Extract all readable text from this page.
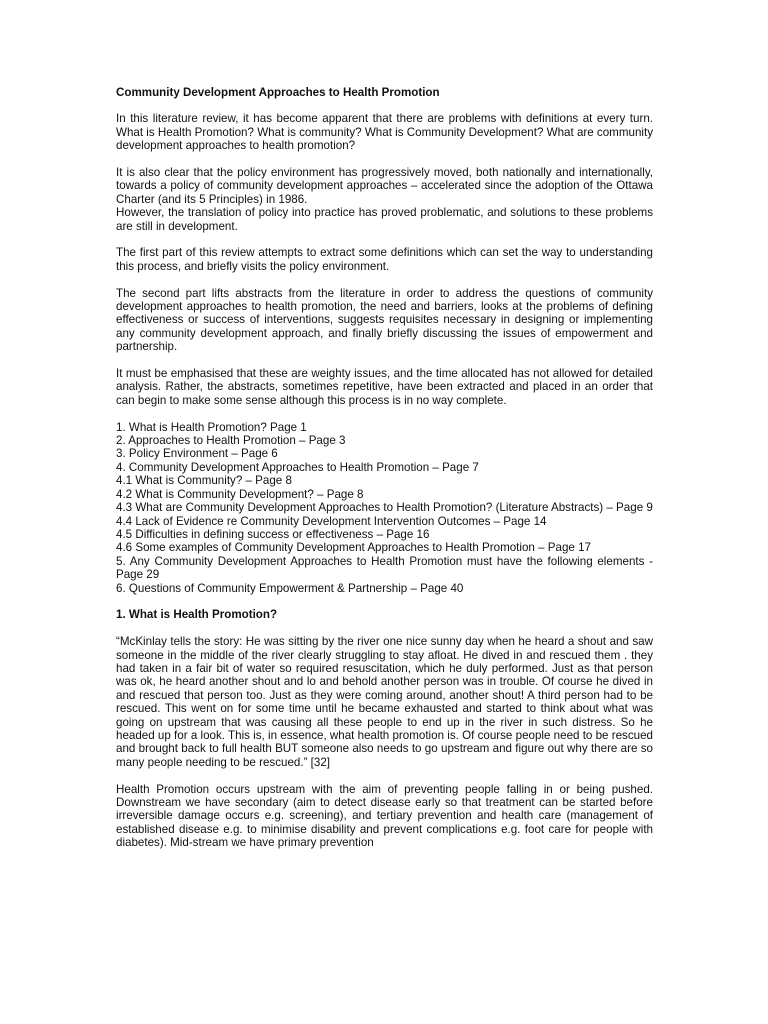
Community Development Approaches to Health Promotion

In this literature review, it has become apparent that there are problems with definitions at every turn. What is Health Promotion? What is community? What is Community Development? What are community development approaches to health promotion?

It is also clear that the policy environment has progressively moved, both nationally and internationally, towards a policy of community development approaches – accelerated since the adoption of the Ottawa Charter (and its 5 Principles) in 1986.

However, the translation of policy into practice has proved problematic, and solutions to these problems are still in development.

The first part of this review attempts to extract some definitions which can set the way to understanding this process, and briefly visits the policy environment.

The second part lifts abstracts from the literature in order to address the questions of community development approaches to health promotion, the need and barriers, looks at the problems of defining effectiveness or success of interventions, suggests requisites necessary in designing or implementing any community development approach, and finally briefly discussing the issues of empowerment and partnership.

It must be emphasised that these are weighty issues, and the time allocated has not allowed for detailed analysis. Rather, the abstracts, sometimes repetitive, have been extracted and placed in an order that can begin to make some sense although this process is in no way complete.

1. What is Health Promotion? Page 1
2. Approaches to Health Promotion – Page 3
3. Policy Environment – Page 6
4. Community Development Approaches to Health Promotion – Page 7
4.1 What is Community? – Page 8
4.2 What is Community Development? – Page 8
4.3 What are Community Development Approaches to Health Promotion? (Literature Abstracts) – Page 9
4.4 Lack of Evidence re Community Development Intervention Outcomes – Page 14
4.5 Difficulties in defining success or effectiveness – Page 16
4.6 Some examples of Community Development Approaches to Health Promotion – Page 17
5. Any Community Development Approaches to Health Promotion must have the following elements - Page 29
6. Questions of Community Empowerment & Partnership – Page 40
1. What is Health Promotion?

“McKinlay tells the story: He was sitting by the river one nice sunny day when he heard a shout and saw someone in the middle of the river clearly struggling to stay afloat. He dived in and rescued them . they had taken in a fair bit of water so required resuscitation, which he duly performed. Just as that person was ok, he heard another shout and lo and behold another person was in trouble. Of course he dived in and rescued that person too. Just as they were coming around, another shout! A third person had to be rescued. This went on for some time until he became exhausted and started to think about what was going on upstream that was causing all these people to end up in the river in such distress. So he headed up for a look. This is, in essence, what health promotion is. Of course people need to be rescued and brought back to full health BUT someone also needs to go upstream and figure out why there are so many people needing to be rescued.” [32]

Health Promotion occurs upstream with the aim of preventing people falling in or being pushed. Downstream we have secondary (aim to detect disease early so that treatment can be started before irreversible damage occurs e.g. screening), and tertiary prevention and health care (management of established disease e.g. to minimise disability and prevent complications e.g. foot care for people with diabetes). Mid-stream we have primary prevention
